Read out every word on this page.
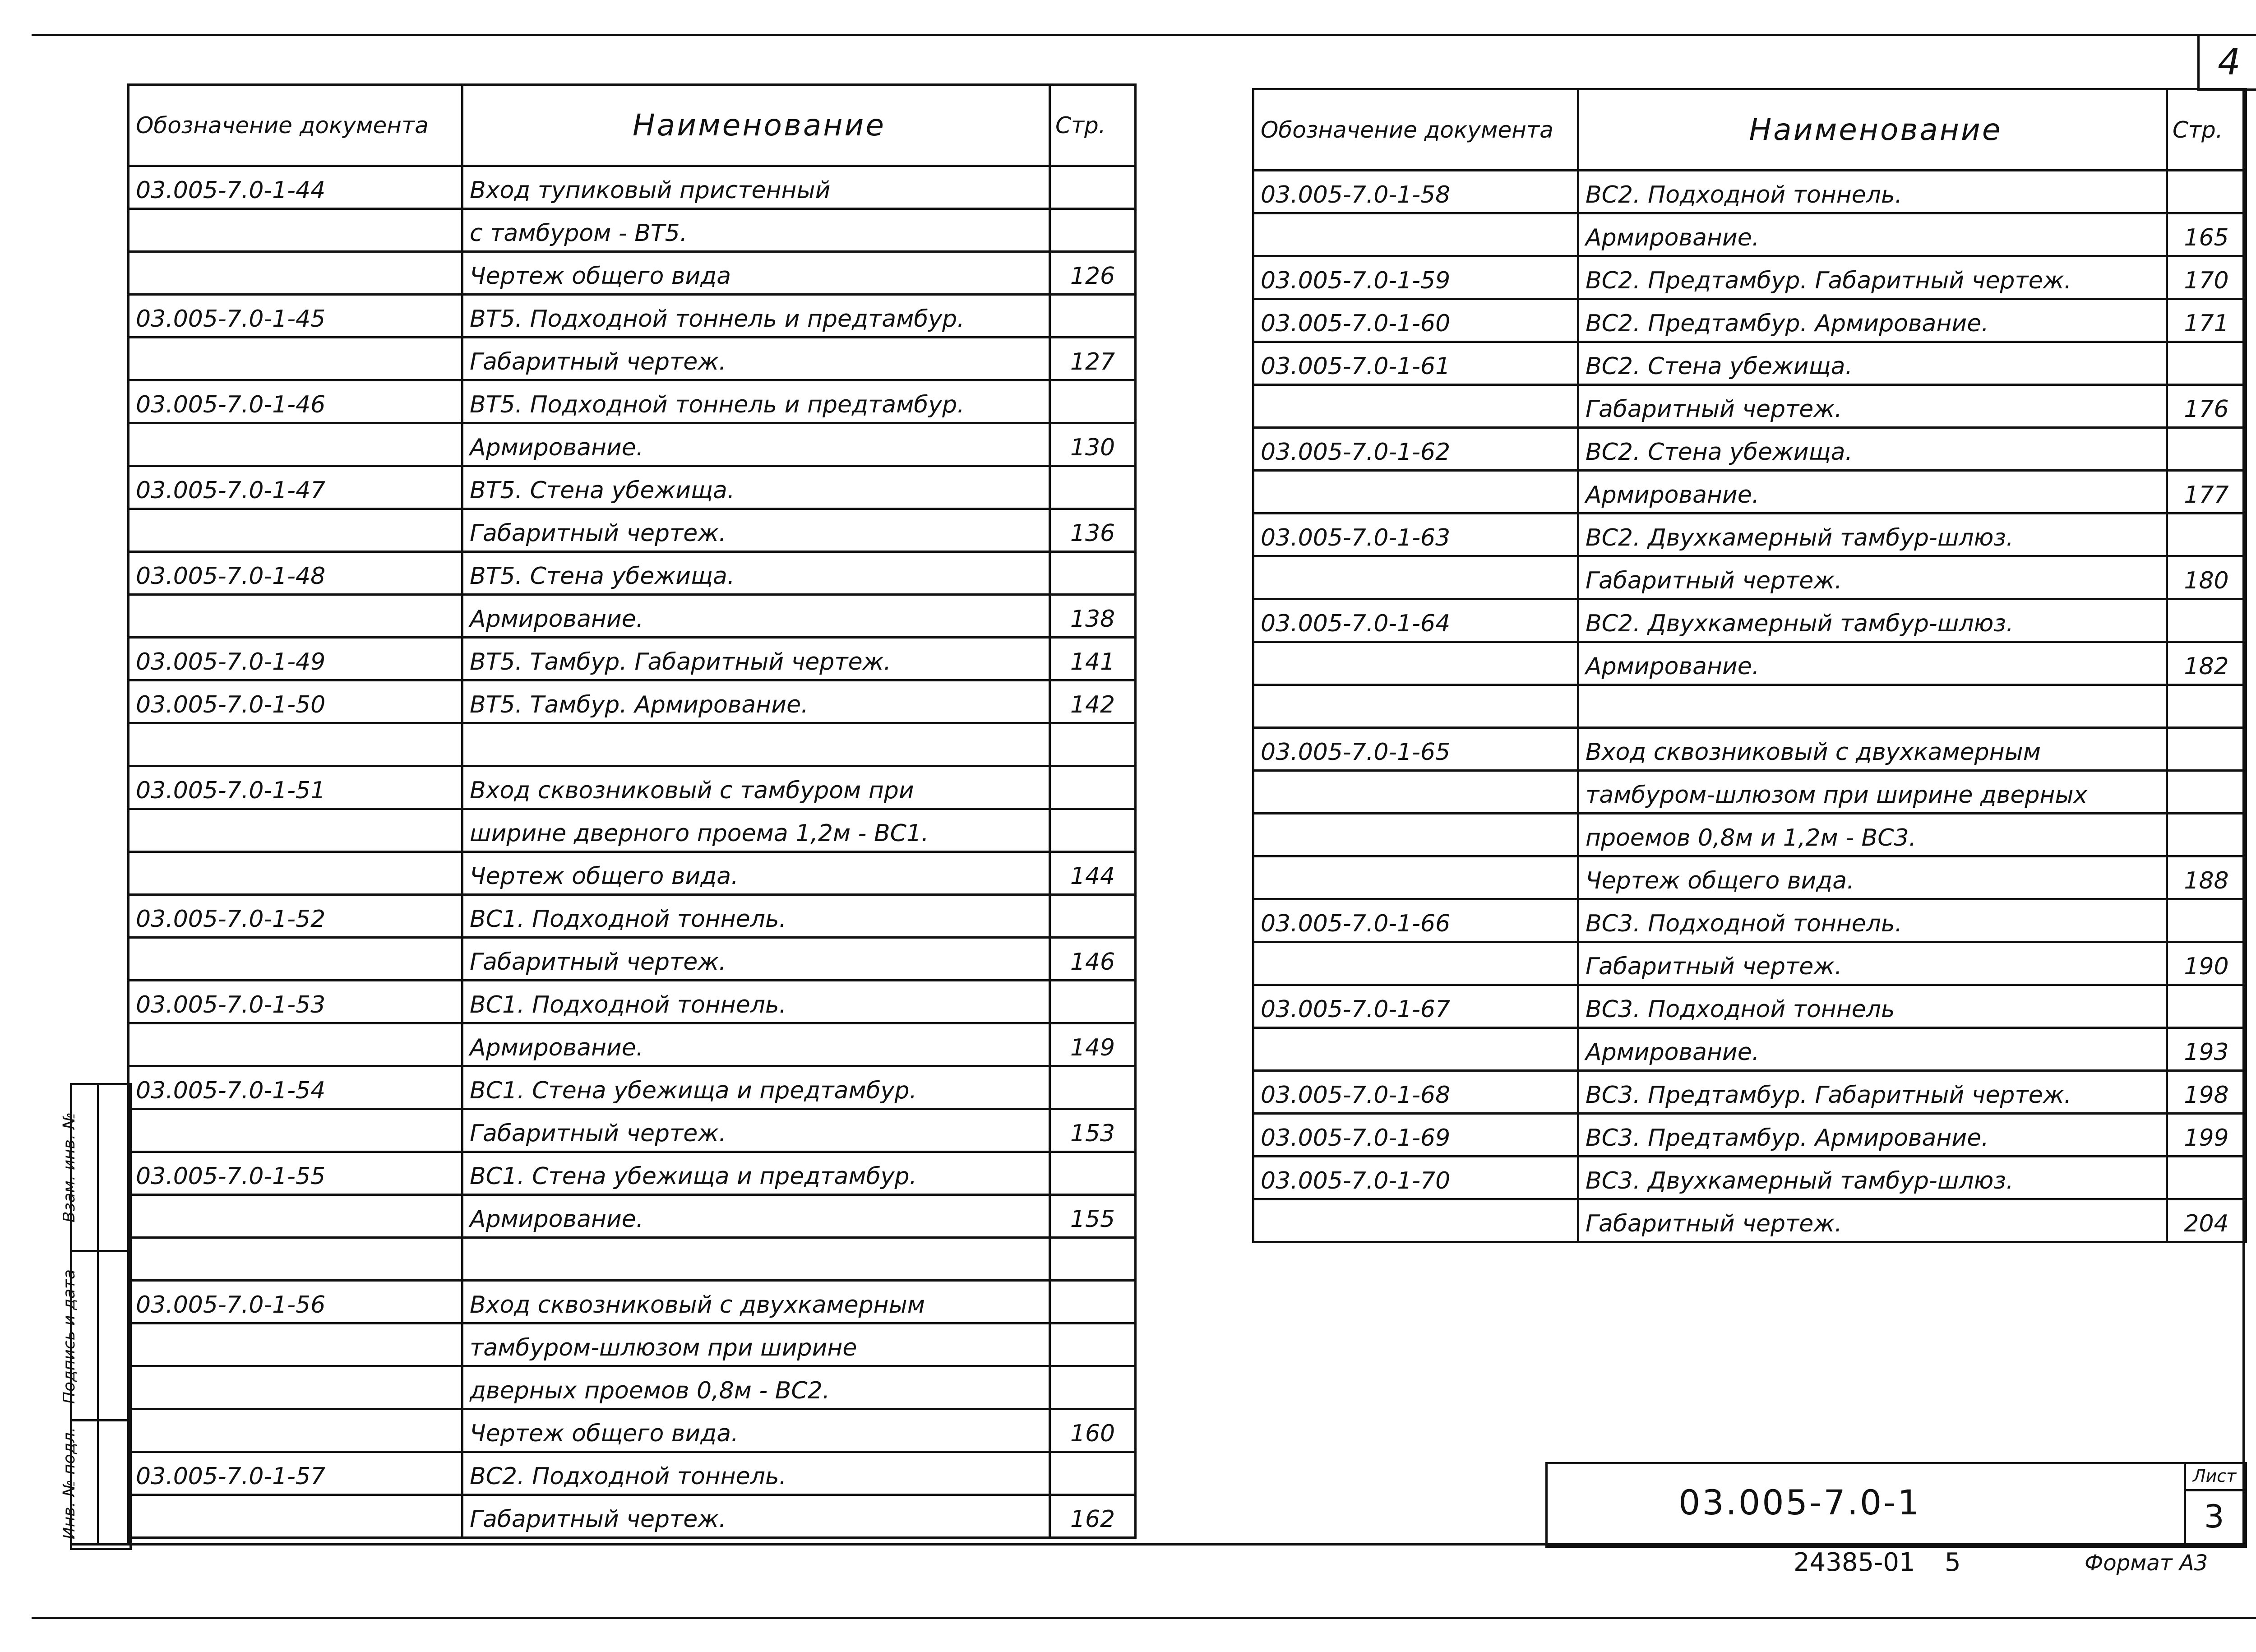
4
Обозначение документа	Наименование	Стр.
03.005-7.0-1-44	Вход тупиковый пристенный	
	с тамбуром - ВТ5.	
	Чертеж общего вида	126
03.005-7.0-1-45	ВТ5. Подходной тоннель и предтамбур.	
	Габаритный чертеж.	127
03.005-7.0-1-46	ВТ5. Подходной тоннель и предтамбур.	
	Армирование.	130
03.005-7.0-1-47	ВТ5. Стена убежища.	
	Габаритный чертеж.	136
03.005-7.0-1-48	ВТ5. Стена убежища.	
	Армирование.	138
03.005-7.0-1-49	ВТ5. Тамбур. Габаритный чертеж.	141
03.005-7.0-1-50	ВТ5. Тамбур. Армирование.	142

03.005-7.0-1-51	Вход сквозниковый с тамбуром при	
	ширине дверного проема 1,2м - ВС1.	
	Чертеж общего вида.	144
03.005-7.0-1-52	ВС1. Подходной тоннель.	
	Габаритный чертеж.	146
03.005-7.0-1-53	ВС1. Подходной тоннель.	
	Армирование.	149
03.005-7.0-1-54	ВС1. Стена убежища и предтамбур.	
	Габаритный чертеж.	153
03.005-7.0-1-55	ВС1. Стена убежища и предтамбур.	
	Армирование.	155

03.005-7.0-1-56	Вход сквозниковый с двухкамерным	
	тамбуром-шлюзом при ширине	
	дверных проемов 0,8м - ВС2.	
	Чертеж общего вида.	160
03.005-7.0-1-57	ВС2. Подходной тоннель.	
	Габаритный чертеж.	162
Обозначение документа	Наименование	Стр.
03.005-7.0-1-58	ВС2. Подходной тоннель.	
	Армирование.	165
03.005-7.0-1-59	ВС2. Предтамбур. Габаритный чертеж.	170
03.005-7.0-1-60	ВС2. Предтамбур. Армирование.	171
03.005-7.0-1-61	ВС2. Стена убежища.	
	Габаритный чертеж.	176
03.005-7.0-1-62	ВС2. Стена убежища.	
	Армирование.	177
03.005-7.0-1-63	ВС2. Двухкамерный тамбур-шлюз.	
	Габаритный чертеж.	180
03.005-7.0-1-64	ВС2. Двухкамерный тамбур-шлюз.	
	Армирование.	182

03.005-7.0-1-65	Вход сквозниковый с двухкамерным	
	тамбуром-шлюзом при ширине дверных	
	проемов 0,8м и 1,2м - ВС3.	
	Чертеж общего вида.	188
03.005-7.0-1-66	ВС3. Подходной тоннель.	
	Габаритный чертеж.	190
03.005-7.0-1-67	ВС3. Подходной тоннель	
	Армирование.	193
03.005-7.0-1-68	ВС3. Предтамбур. Габаритный чертеж.	198
03.005-7.0-1-69	ВС3. Предтамбур. Армирование.	199
03.005-7.0-1-70	ВС3. Двухкамерный тамбур-шлюз.	
	Габаритный чертеж.	204
Взам. инв. №
Подпись и дата
Инв. № подл.	03.005-7.0-1
Лист
3
24385-01 5	Формат А3
